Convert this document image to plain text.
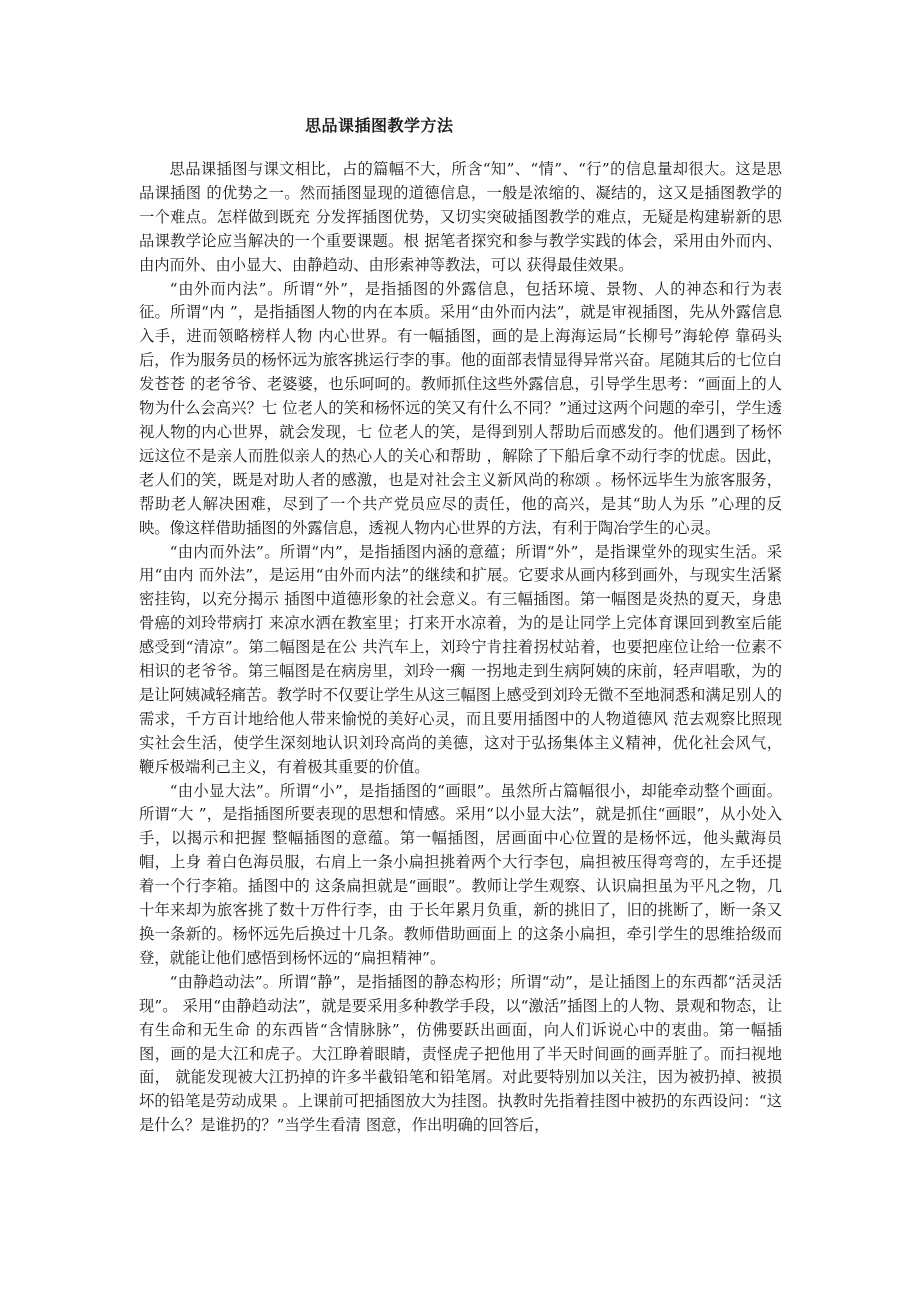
思品课插图教学方法

思品课插图与课文相比，占的篇幅不大，所含“知”、“情”、“行”的信息量却很大。这是思品课插图 的优势之一。然而插图显现的道德信息，一般是浓缩的、凝结的，这又是插图教学的一个难点。怎样做到既充 分发挥插图优势，又切实突破插图教学的难点，无疑是构建崭新的思品课教学论应当解决的一个重要课题。根 据笔者探究和参与教学实践的体会，采用由外而内、由内而外、由小显大、由静趋动、由形索神等教法，可以 获得最佳效果。

“由外而内法”。所谓“外”，是指插图的外露信息，包括环境、景物、人的神态和行为表征。所谓“内 ”，是指插图人物的内在本质。采用“由外而内法”，就是审视插图，先从外露信息入手，进而领略榜样人物 内心世界。有一幅插图，画的是上海海运局“长柳号”海轮停 靠码头后，作为服务员的杨怀远为旅客挑运行李的事。他的面部表情显得异常兴奋。尾随其后的七位白发苍苍 的老爷爷、老婆婆，也乐呵呵的。教师抓住这些外露信息，引导学生思考：“画面上的人物为什么会高兴？七 位老人的笑和杨怀远的笑又有什么不同？”通过这两个问题的牵引，学生透视人物的内心世界，就会发现，七 位老人的笑，是得到别人帮助后而感发的。他们遇到了杨怀远这位不是亲人而胜似亲人的热心人的关心和帮助 ，解除了下船后拿不动行李的忧虑。因此，老人们的笑，既是对助人者的感激，也是对社会主义新风尚的称颂 。杨怀远毕生为旅客服务，帮助老人解决困难，尽到了一个共产党员应尽的责任，他的高兴，是其“助人为乐 ”心理的反映。像这样借助插图的外露信息，透视人物内心世界的方法，有利于陶冶学生的心灵。

“由内而外法”。所谓“内”，是指插图内涵的意蕴；所谓“外”，是指课堂外的现实生活。采用“由内 而外法”，是运用“由外而内法”的继续和扩展。它要求从画内移到画外，与现实生活紧密挂钩，以充分揭示 插图中道德形象的社会意义。有三幅插图。第一幅图是炎热的夏天，身患骨癌的刘玲带病打 来凉水洒在教室里；打来开水凉着，为的是让同学上完体育课回到教室后能感受到“清凉”。第二幅图是在公 共汽车上，刘玲宁肯拄着拐杖站着，也要把座位让给一位素不相识的老爷爷。第三幅图是在病房里，刘玲一瘸 一拐地走到生病阿姨的床前，轻声唱歌，为的是让阿姨减轻痛苦。教学时不仅要让学生从这三幅图上感受到刘玲无微不至地洞悉和满足别人的需求，千方百计地给他人带来愉悦的美好心灵，而且要用插图中的人物道德风 范去观察比照现实社会生活，使学生深刻地认识刘玲高尚的美德，这对于弘扬集体主义精神，优化社会风气， 鞭斥极端利己主义，有着极其重要的价值。

“由小显大法”。所谓“小”，是指插图的“画眼”。虽然所占篇幅很小，却能牵动整个画面。所谓“大 ”，是指插图所要表现的思想和情感。采用“以小显大法”，就是抓住“画眼”，从小处入手，以揭示和把握 整幅插图的意蕴。第一幅插图，居画面中心位置的是杨怀远，他头戴海员帽，上身 着白色海员服，右肩上一条小扁担挑着两个大行李包，扁担被压得弯弯的，左手还提着一个行李箱。插图中的 这条扁担就是“画眼”。教师让学生观察、认识扁担虽为平凡之物，几十年来却为旅客挑了数十万件行李，由 于长年累月负重，新的挑旧了，旧的挑断了，断一条又换一条新的。杨怀远先后换过十几条。教师借助画面上 的这条小扁担，牵引学生的思维拾级而登，就能让他们感悟到杨怀远的“扁担精神”。

“由静趋动法”。所谓“静”，是指插图的静态构形；所谓“动”，是让插图上的东西都“活灵活现”。 采用“由静趋动法”，就是要采用多种教学手段，以“激活”插图上的人物、景观和物态，让有生命和无生命 的东西皆“含情脉脉”，仿佛要跃出画面，向人们诉说心中的衷曲。第一幅插图，画的是大江和虎子。大江睁着眼睛，责怪虎子把他用了半天时间画的画弄脏了。而扫视地面， 就能发现被大江扔掉的许多半截铅笔和铅笔屑。对此要特别加以关注，因为被扔掉、被损坏的铅笔是劳动成果 。上课前可把插图放大为挂图。执教时先指着挂图中被扔的东西设问：“这是什么？是谁扔的？”当学生看清 图意，作出明确的回答后，
